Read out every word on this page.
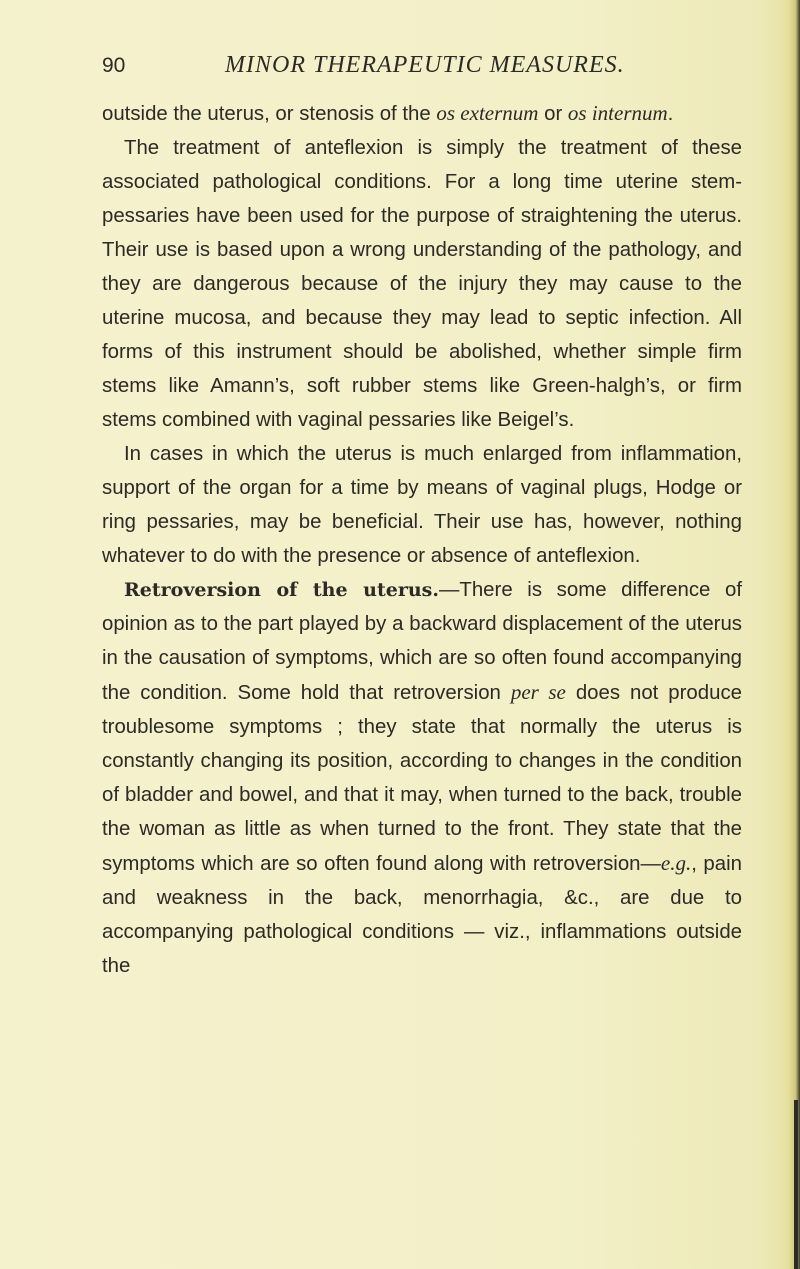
90	MINOR THERAPEUTIC MEASURES.

outside the uterus, or stenosis of the os externum or os internum.

The treatment of anteflexion is simply the treatment of these associated pathological conditions. For a long time uterine stem-pessaries have been used for the purpose of straightening the uterus. Their use is based upon a wrong understanding of the pathology, and they are dangerous because of the injury they may cause to the uterine mucosa, and because they may lead to septic infection. All forms of this instrument should be abolished, whether simple firm stems like Amann’s, soft rubber stems like Green-halgh’s, or firm stems combined with vaginal pessaries like Beigel’s.

In cases in which the uterus is much enlarged from inflammation, support of the organ for a time by means of vaginal plugs, Hodge or ring pessaries, may be beneficial. Their use has, however, nothing whatever to do with the presence or absence of anteflexion.

Retroversion of the uterus.—There is some difference of opinion as to the part played by a backward displacement of the uterus in the causation of symptoms, which are so often found accompanying the condition. Some hold that retroversion per se does not produce troublesome symptoms ; they state that normally the uterus is constantly changing its position, according to changes in the condition of bladder and bowel, and that it may, when turned to the back, trouble the woman as little as when turned to the front. They state that the symptoms which are so often found along with retroversion—e.g., pain and weakness in the back, menorrhagia, &c., are due to accompanying pathological conditions — viz., inflammations outside the
